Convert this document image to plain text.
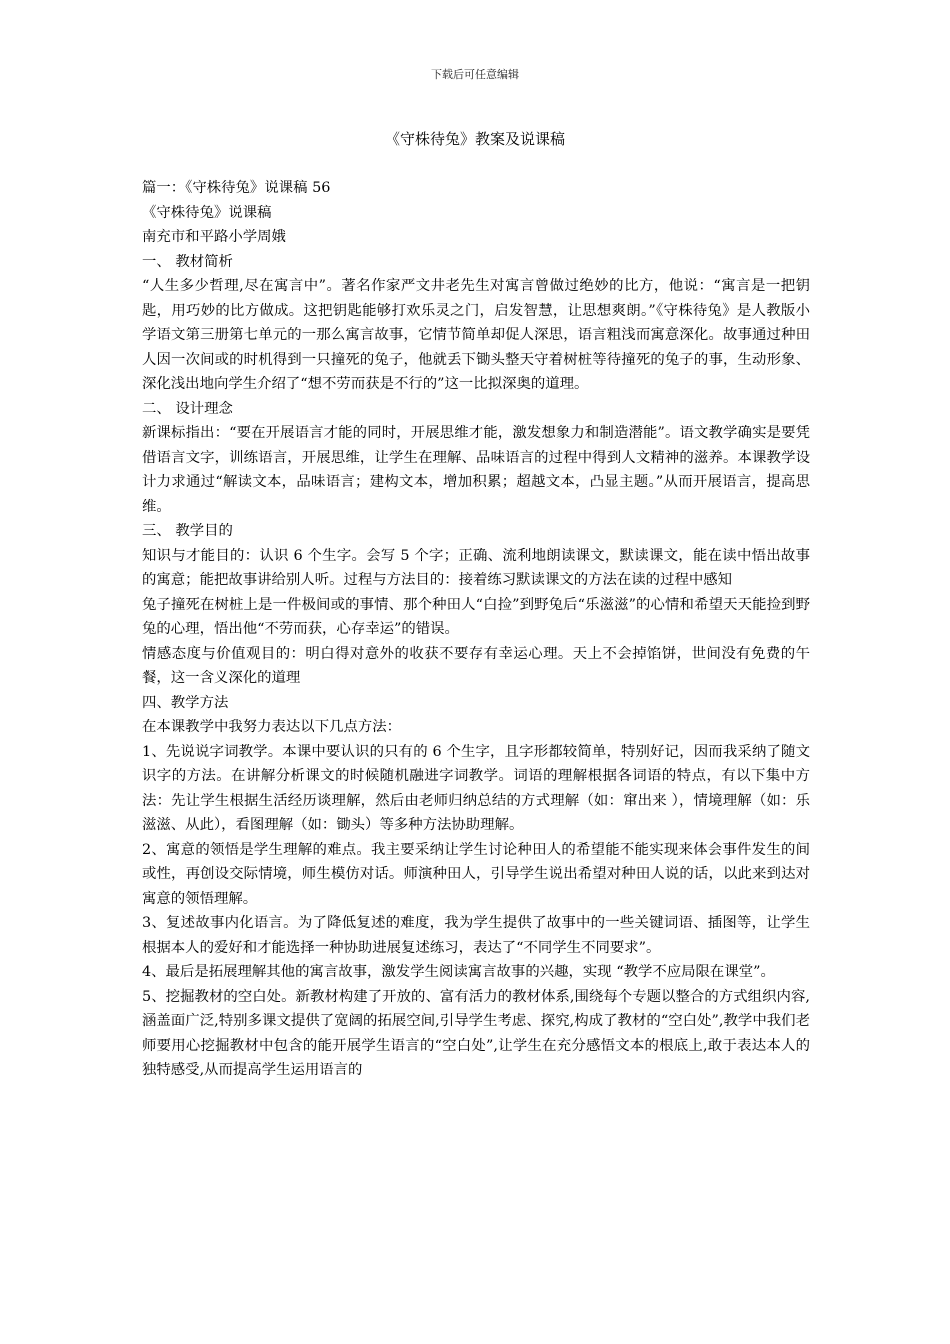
下载后可任意编辑
《守株待兔》教案及说课稿

篇一：《守株待兔》说课稿 56

《守株待兔》说课稿

南充市和平路小学周娥

一、 教材简析

“人生多少哲理,尽在寓言中”。著名作家严文井老先生对寓言曾做过绝妙的比方，他说：“寓言是一把钥匙，用巧妙的比方做成。这把钥匙能够打欢乐灵之门，启发智慧，让思想爽朗。”《守株待兔》是人教版小学语文第三册第七单元的一那么寓言故事，它情节简单却促人深思，语言粗浅而寓意深化。故事通过种田人因一次间或的时机得到一只撞死的兔子，他就丢下锄头整天守着树桩等待撞死的兔子的事，生动形象、深化浅出地向学生介绍了“想不劳而获是不行的”这一比拟深奥的道理。

二、 设计理念

新课标指出：“要在开展语言才能的同时，开展思维才能，激发想象力和制造潜能”。语文教学确实是要凭借语言文字，训练语言，开展思维，让学生在理解、品味语言的过程中得到人文精神的滋养。本课教学设计力求通过“解读文本，品味语言；建构文本，增加积累；超越文本，凸显主题。”从而开展语言，提高思维。

三、 教学目的

知识与才能目的：认识 6 个生字。会写 5 个字；正确、流利地朗读课文，默读课文，能在读中悟出故事的寓意；能把故事讲给别人听。过程与方法目的：接着练习默读课文的方法在读的过程中感知

兔子撞死在树桩上是一件极间或的事情、那个种田人“白捡”到野兔后“乐滋滋”的心情和希望天天能捡到野兔的心理，悟出他“不劳而获，心存幸运”的错误。

情感态度与价值观目的：明白得对意外的收获不要存有幸运心理。天上不会掉馅饼，世间没有免费的午餐，这一含义深化的道理

四、教学方法

在本课教学中我努力表达以下几点方法：

1、先说说字词教学。本课中要认识的只有的 6 个生字，且字形都较简单，特别好记，因而我采纳了随文识字的方法。在讲解分析课文的时候随机融进字词教学。词语的理解根据各词语的特点，有以下集中方法：先让学生根据生活经历谈理解，然后由老师归纳总结的方式理解（如：窜出来 ），情境理解（如：乐滋滋、从此），看图理解（如：锄头）等多种方法协助理解。

2、寓意的领悟是学生理解的难点。我主要采纳让学生讨论种田人的希望能不能实现来体会事件发生的间或性，再创设交际情境，师生模仿对话。师演种田人，引导学生说出希望对种田人说的话，以此来到达对寓意的领悟理解。

3、复述故事内化语言。为了降低复述的难度，我为学生提供了故事中的一些关键词语、插图等，让学生根据本人的爱好和才能选择一种协助进展复述练习，表达了“不同学生不同要求”。

4、最后是拓展理解其他的寓言故事，激发学生阅读寓言故事的兴趣，实现 “教学不应局限在课堂”。

5、挖掘教材的空白处。新教材构建了开放的、富有活力的教材体系,围绕每个专题以整合的方式组织内容,涵盖面广泛,特别多课文提供了宽阔的拓展空间,引导学生考虑、探究,构成了教材的“空白处”,教学中我们老师要用心挖掘教材中包含的能开展学生语言的“空白处”,让学生在充分感悟文本的根底上,敢于表达本人的独特感受,从而提高学生运用语言的
